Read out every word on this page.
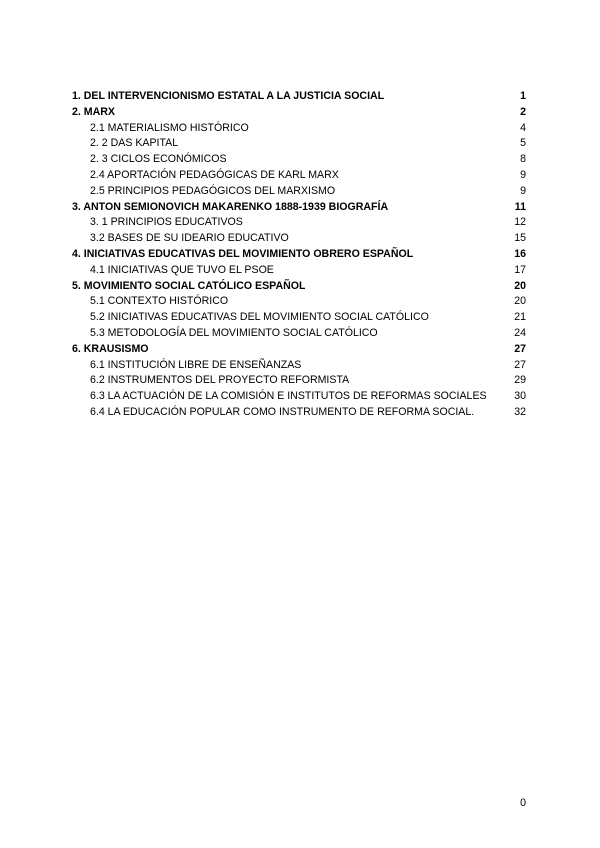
1. DEL INTERVENCIONISMO ESTATAL A LA JUSTICIA SOCIAL	1
2. MARX	2
2.1 MATERIALISMO HISTÓRICO	4
2. 2 DAS KAPITAL	5
2. 3 CICLOS ECONÓMICOS	8
2.4 APORTACIÓN PEDAGÓGICAS DE KARL MARX	9
2.5 PRINCIPIOS PEDAGÓGICOS DEL MARXISMO	9
3. ANTON SEMIONOVICH MAKARENKO 1888-1939 BIOGRAFÍA	11
3. 1 PRINCIPIOS EDUCATIVOS	12
3.2 BASES DE SU IDEARIO EDUCATIVO	15
4. INICIATIVAS EDUCATIVAS DEL MOVIMIENTO OBRERO ESPAÑOL	16
4.1 INICIATIVAS QUE TUVO EL PSOE	17
5. MOVIMIENTO SOCIAL CATÓLICO ESPAÑOL	20
5.1 CONTEXTO HISTÓRICO	20
5.2 INICIATIVAS EDUCATIVAS DEL MOVIMIENTO SOCIAL CATÓLICO	21
5.3 METODOLOGÍA DEL MOVIMIENTO SOCIAL CATÓLICO	24
6. KRAUSISMO	27
6.1 INSTITUCIÓN LIBRE DE ENSEÑANZAS	27
6.2 INSTRUMENTOS DEL PROYECTO REFORMISTA	29
6.3 LA ACTUACIÓN DE LA COMISIÓN E INSTITUTOS DE REFORMAS SOCIALES	30
6.4 LA EDUCACIÓN POPULAR COMO INSTRUMENTO DE REFORMA SOCIAL.	32
0
